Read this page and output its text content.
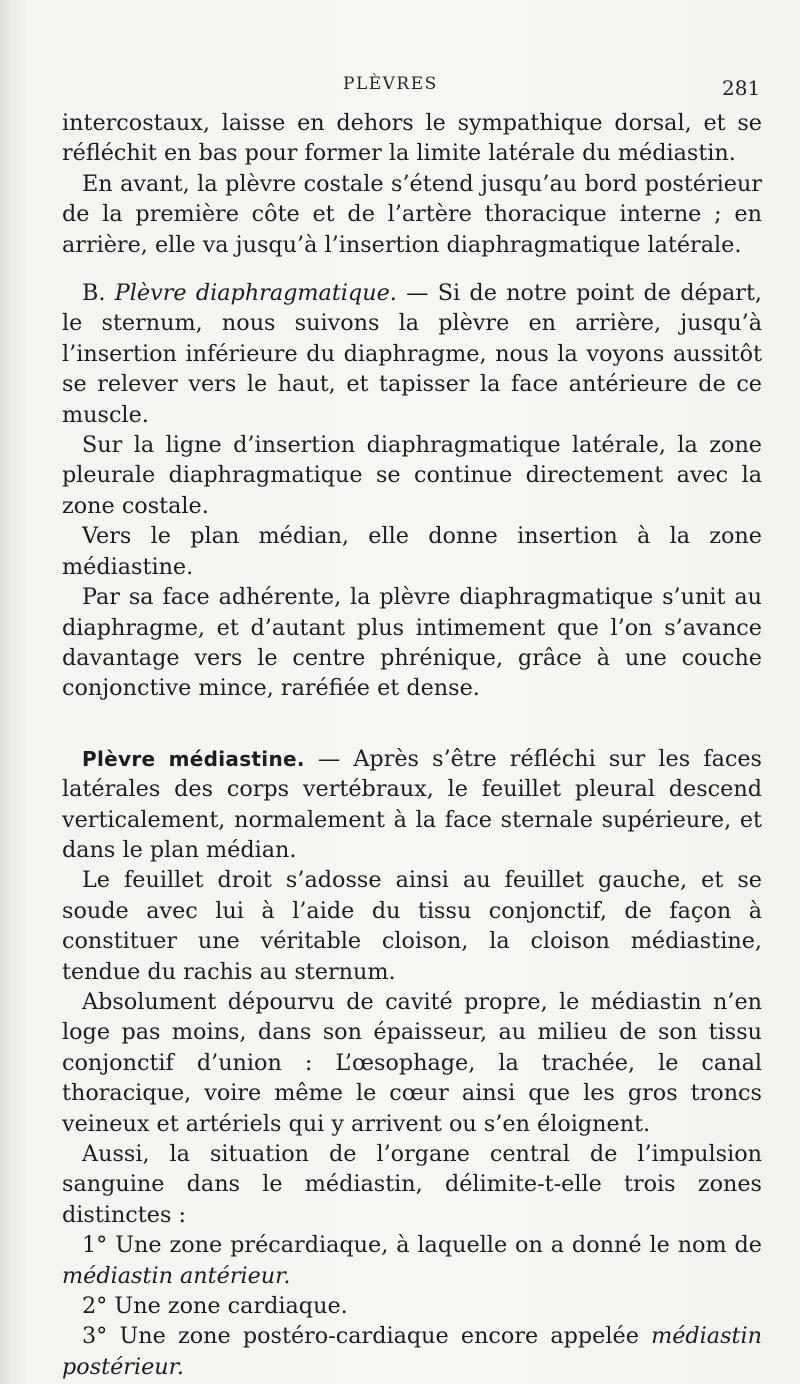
PLÈVRES	281

intercostaux, laisse en dehors le sympathique dorsal, et se réfléchit en bas pour former la limite latérale du médiastin.

En avant, la plèvre costale s’étend jusqu’au bord postérieur de la première côte et de l’artère thoracique interne ; en arrière, elle va jusqu’à l’insertion diaphragmatique latérale.

B. Plèvre diaphragmatique. — Si de notre point de départ, le sternum, nous suivons la plèvre en arrière, jusqu’à l’insertion inférieure du diaphragme, nous la voyons aussitôt se relever vers le haut, et tapisser la face antérieure de ce muscle.

Sur la ligne d’insertion diaphragmatique latérale, la zone pleurale diaphragmatique se continue directement avec la zone costale.

Vers le plan médian, elle donne insertion à la zone médiastine.

Par sa face adhérente, la plèvre diaphragmatique s’unit au diaphragme, et d’autant plus intimement que l’on s’avance davantage vers le centre phrénique, grâce à une couche conjonctive mince, raréfiée et dense.

Plèvre médiastine. — Après s’être réfléchi sur les faces latérales des corps vertébraux, le feuillet pleural descend verticalement, normalement à la face sternale supérieure, et dans le plan médian.

Le feuillet droit s’adosse ainsi au feuillet gauche, et se soude avec lui à l’aide du tissu conjonctif, de façon à constituer une véritable cloison, la cloison médiastine, tendue du rachis au sternum.

Absolument dépourvu de cavité propre, le médiastin n’en loge pas moins, dans son épaisseur, au milieu de son tissu conjonctif d’union : L’œsophage, la trachée, le canal thoracique, voire même le cœur ainsi que les gros troncs veineux et artériels qui y arrivent ou s’en éloignent.

Aussi, la situation de l’organe central de l’impulsion sanguine dans le médiastin, délimite-t-elle trois zones distinctes :

1° Une zone précardiaque, à laquelle on a donné le nom de médiastin antérieur.

2° Une zone cardiaque.

3° Une zone postéro-cardiaque encore appelée médiastin postérieur.
